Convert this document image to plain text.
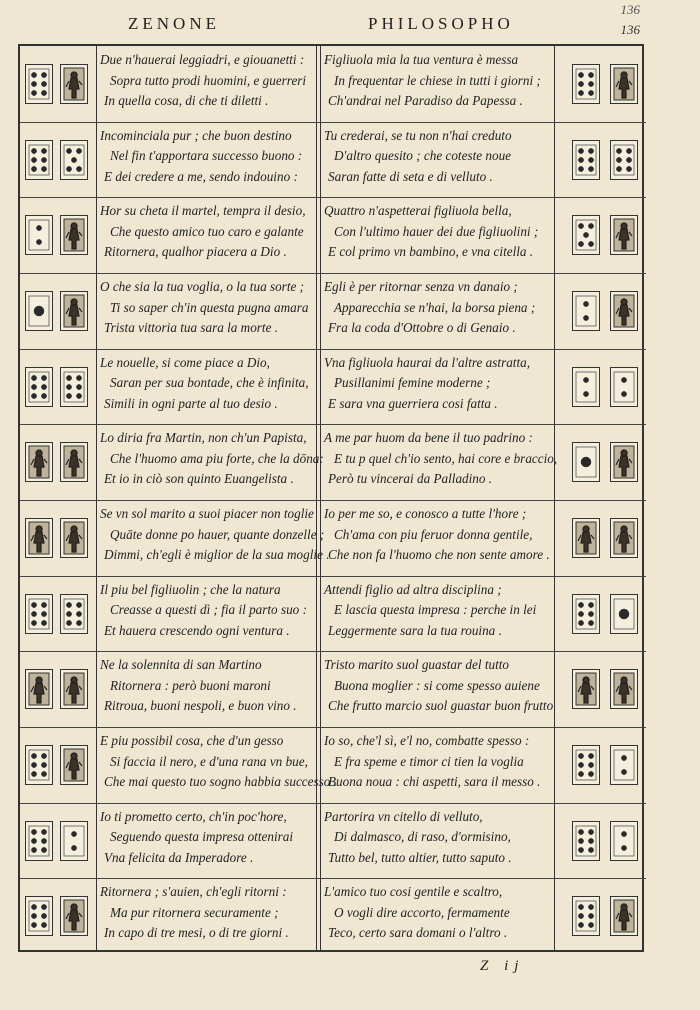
136
136
ZENONE	PHILOSOPHO
Due n'hauerai leggiadri, e giouanetti :
Sopra tutto prodi huomini, e guerreri
In quella cosa, di che ti diletti .
Figliuola mia la tua ventura è messa
In frequentar le chiese in tutti i giorni ;
Ch'andrai nel Paradiso da Papessa .
Incominciala pur ; che buon destino
Nel fin t'apportara successo buono :
E dei credere a me, sendo indouino :
Tu crederai, se tu non n'hai creduto
D'altro quesito ; che coteste noue
Saran fatte di seta e di velluto .
Hor su cheta il martel, tempra il desio,
Che questo amico tuo caro e galante
Ritornera, qualhor piacera a Dio .
Quattro n'aspetterai figliuola bella,
Con l'ultimo hauer dei due figliuolini ;
E col primo vn bambino, e vna citella .
O che sia la tua voglia, o la tua sorte ;
Ti so saper ch'in questa pugna amara
Trista vittoria tua sara la morte .
Egli è per ritornar senza vn danaio ;
Apparecchia se n'hai, la borsa piena ;
Fra la coda d'Ottobre o di Genaio .
Le nouelle, si come piace a Dio,
Saran per sua bontade, che è infinita,
Simili in ogni parte al tuo desio .
Vna figliuola haurai da l'altre astratta,
Pusillanimi femine moderne ;
E sara vna guerriera cosi fatta .
Lo diria fra Martin, non ch'un Papista,
Che l'huomo ama piu forte, che la dōna:
Et io in ciò son quinto Euangelista .
A me par huom da bene il tuo padrino :
E tu p quel ch'io sento, hai core e braccio,
Però tu vincerai da Palladino .
Se vn sol marito a suoi piacer non toglie
Quāte donne po hauer, quante donzelle ;
Dimmi, ch'egli è miglior de la sua moglie .
Io per me so, e conosco a tutte l'hore ;
Ch'ama con piu feruor donna gentile,
Che non fa l'huomo che non sente amore .
Il piu bel figliuolin ; che la natura
Creasse a questi dì ; fia il parto suo :
Et hauera crescendo ogni ventura .
Attendi figlio ad altra disciplina ;
E lascia questa impresa : perche in lei
Leggermente sara la tua rouina .
Ne la solennita di san Martino
Ritornera : però buoni maroni
Ritroua, buoni nespoli, e buon vino .
Tristo marito suol guastar del tutto
Buona moglier : si come spesso auiene
Che frutto marcio suol guastar buon frutto
E piu possibil cosa, che d'un gesso
Si faccia il nero, e d'una rana vn bue,
Che mai questo tuo sogno habbia successo .
Io so, che'l sì, e'l no, combatte spesso :
E fra speme e timor ci tien la voglia
Buona noua : chi aspetti, sara il messo .
Io ti prometto certo, ch'in poc'hore,
Seguendo questa impresa ottenirai
Vna felicita da Imperadore .
Partorira vn citello di velluto,
Di dalmasco, di raso, d'ormisino,
Tutto bel, tutto altier, tutto saputo .
Ritornera ; s'auien, ch'egli ritorni :
Ma pur ritornera securamente ;
In capo di tre mesi, o di tre giorni .
L'amico tuo cosi gentile e scaltro,
O vogli dire accorto, fermamente
Teco, certo sara domani o l'altro .
Z ij
